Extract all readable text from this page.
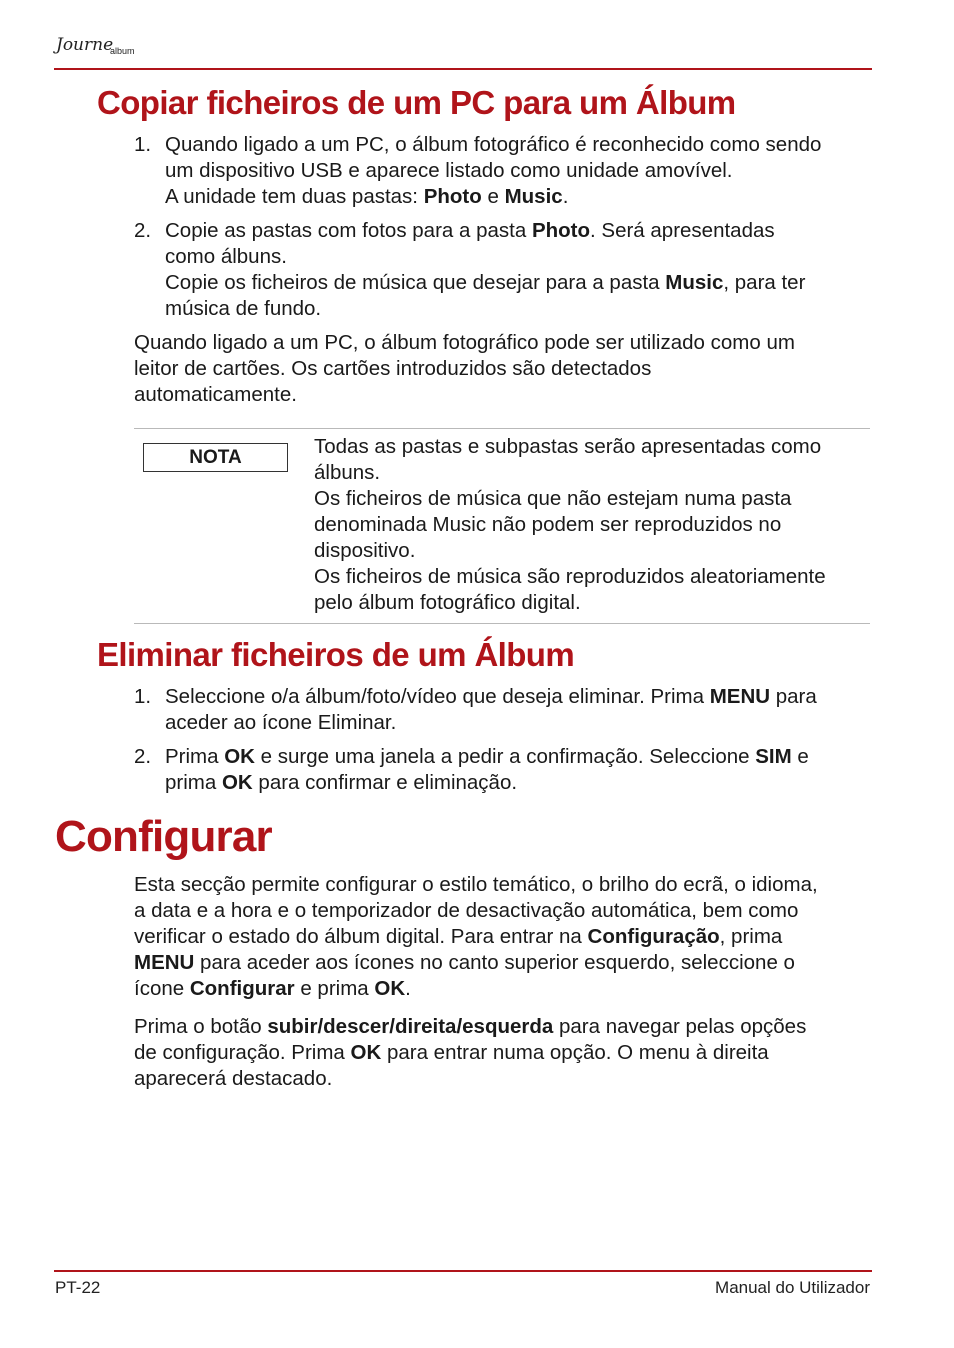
Journe
album
Copiar ficheiros de um PC para um Álbum
1. Quando ligado a um PC, o álbum fotográfico é reconhecido como sendo
um dispositivo USB e aparece listado como unidade amovível.
A unidade tem duas pastas: Photo e Music.
2. Copie as pastas com fotos para a pasta Photo. Será apresentadas
como álbuns.
Copie os ficheiros de música que desejar para a pasta Music, para ter
música de fundo.
Quando ligado a um PC, o álbum fotográfico pode ser utilizado como um
leitor de cartões. Os cartões introduzidos são detectados
automaticamente.
NOTA	Todas as pastas e subpastas serão apresentadas como
álbuns.
Os ficheiros de música que não estejam numa pasta
denominada Music não podem ser reproduzidos no
dispositivo.
Os ficheiros de música são reproduzidos aleatoriamente
pelo álbum fotográfico digital.
Eliminar ficheiros de um Álbum
1. Seleccione o/a álbum/foto/vídeo que deseja eliminar. Prima MENU para
aceder ao ícone Eliminar.
2. Prima OK e surge uma janela a pedir a confirmação. Seleccione SIM e
prima OK para confirmar e eliminação.
Configurar
Esta secção permite configurar o estilo temático, o brilho do ecrã, o idioma,
a data e a hora e o temporizador de desactivação automática, bem como
verificar o estado do álbum digital. Para entrar na Configuração, prima
MENU para aceder aos ícones no canto superior esquerdo, seleccione o
ícone Configurar e prima OK.
Prima o botão subir/descer/direita/esquerda para navegar pelas opções
de configuração. Prima OK para entrar numa opção. O menu à direita
aparecerá destacado.
PT-22	Manual do Utilizador
